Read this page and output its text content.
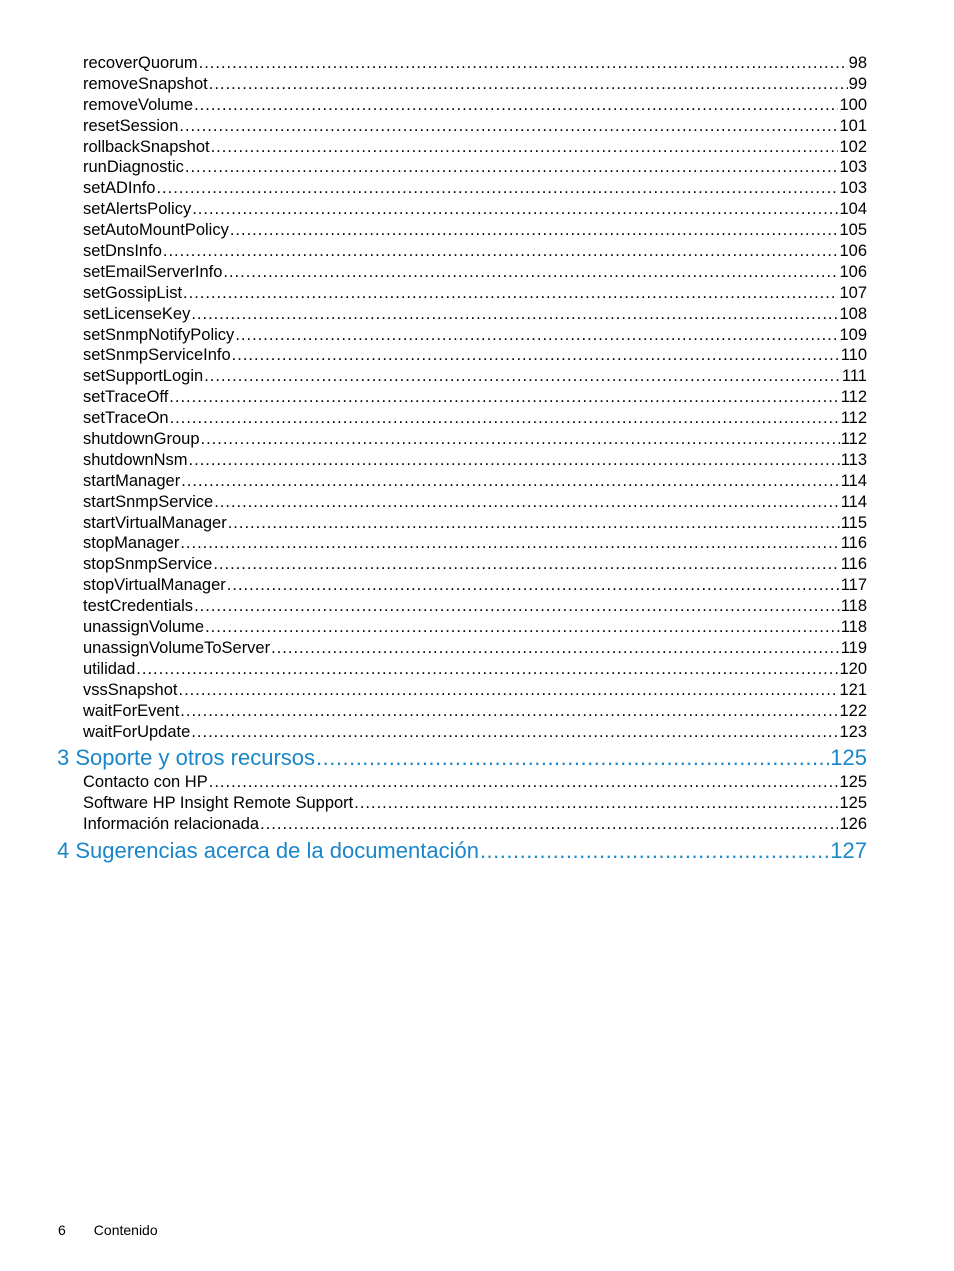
recoverQuorum .....	98
removeSnapshot .....	99
removeVolume .....	100
resetSession .....	101
rollbackSnapshot .....	102
runDiagnostic .....	103
setADInfo .....	103
setAlertsPolicy .....	104
setAutoMountPolicy .....	105
setDnsInfo .....	106
setEmailServerInfo .....	106
setGossipList .....	107
setLicenseKey .....	108
setSnmpNotifyPolicy .....	109
setSnmpServiceInfo .....	110
setSupportLogin .....	111
setTraceOff .....	112
setTraceOn .....	112
shutdownGroup .....	112
shutdownNsm .....	113
startManager .....	114
startSnmpService .....	114
startVirtualManager .....	115
stopManager .....	116
stopSnmpService .....	116
stopVirtualManager .....	117
testCredentials .....	118
unassignVolume .....	118
unassignVolumeToServer .....	119
utilidad .....	120
vssSnapshot .....	121
waitForEvent .....	122
waitForUpdate .....	123
3 Soporte y otros recursos .....	125
Contacto con HP .....	125
Software HP Insight Remote Support .....	125
Información relacionada .....	126
4 Sugerencias acerca de la documentación .....	127
6 Contenido
